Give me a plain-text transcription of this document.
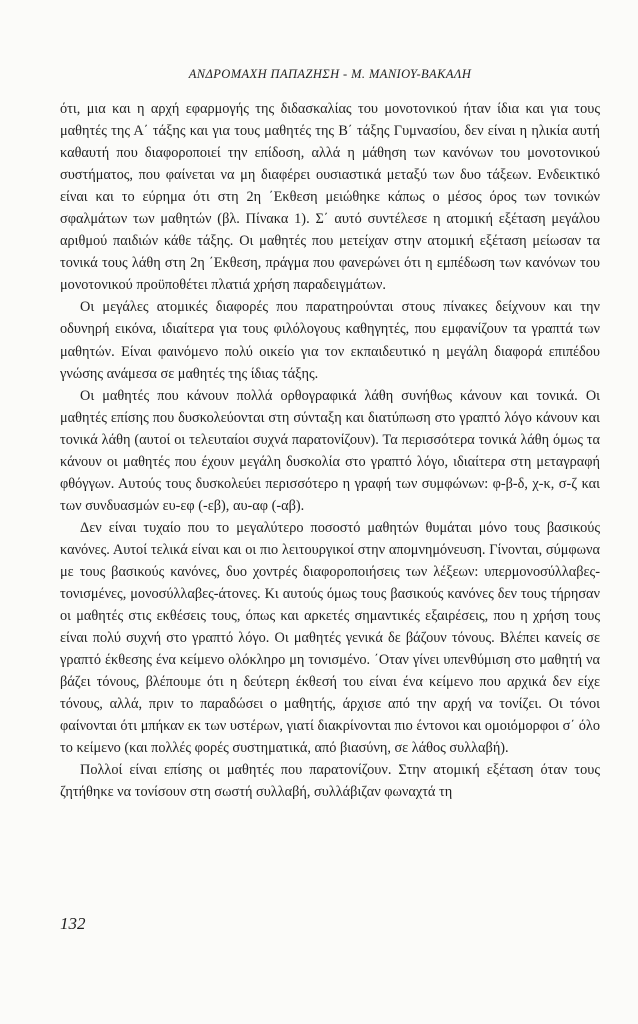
ΑΝΔΡΟΜΑΧΗ ΠΑΠΑΖΗΣΗ - Μ. ΜΑΝΙΟΥ-ΒΑΚΑΛΗ

ότι, μια και η αρχή εφαρμογής της διδασκαλίας του μονοτονικού ήταν ίδια και για τους μαθητές της Α΄ τάξης και για τους μαθητές της Β΄ τάξης Γυμνασίου, δεν είναι η ηλικία αυτή καθαυτή που διαφοροποιεί την επίδοση, αλλά η μάθηση των κανόνων του μονοτονικού συστήματος, που φαίνεται να μη διαφέρει ουσιαστικά μεταξύ των δυο τάξεων. Ενδεικτικό είναι και το εύρημα ότι στη 2η ΄Εκθεση μειώθηκε κάπως ο μέσος όρος των τονικών σφαλμάτων των μαθητών (βλ. Πίνακα 1). Σ΄ αυτό συντέλεσε η ατομική εξέταση μεγάλου αριθμού παιδιών κάθε τάξης. Οι μαθητές που μετείχαν στην ατομική εξέταση μείωσαν τα τονικά τους λάθη στη 2η ΄Εκθεση, πράγμα που φανερώνει ότι η εμπέδωση των κανόνων του μονοτονικού προϋποθέτει πλατιά χρήση παραδειγμάτων.

Οι μεγάλες ατομικές διαφορές που παρατηρούνται στους πίνακες δείχνουν και την οδυνηρή εικόνα, ιδιαίτερα για τους φιλόλογους καθηγητές, που εμφανίζουν τα γραπτά των μαθητών. Είναι φαινόμενο πολύ οικείο για τον εκπαιδευτικό η μεγάλη διαφορά επιπέδου γνώσης ανάμεσα σε μαθητές της ίδιας τάξης.

Οι μαθητές που κάνουν πολλά ορθογραφικά λάθη συνήθως κάνουν και τονικά. Οι μαθητές επίσης που δυσκολεύονται στη σύνταξη και διατύπωση στο γραπτό λόγο κάνουν και τονικά λάθη (αυτοί οι τελευταίοι συχνά παρατονίζουν). Τα περισσότερα τονικά λάθη όμως τα κάνουν οι μαθητές που έχουν μεγάλη δυσκολία στο γραπτό λόγο, ιδιαίτερα στη μεταγραφή φθόγγων. Αυτούς τους δυσκολεύει περισσότερο η γραφή των συμφώνων: φ-β-δ, χ-κ, σ-ζ και των συνδυασμών ευ-εφ (-εβ), αυ-αφ (-αβ).

Δεν είναι τυχαίο που το μεγαλύτερο ποσοστό μαθητών θυμάται μόνο τους βασικούς κανόνες. Αυτοί τελικά είναι και οι πιο λειτουργικοί στην απομνημόνευση. Γίνονται, σύμφωνα με τους βασικούς κανόνες, δυο χοντρές διαφοροποιήσεις των λέξεων: υπερμονοσύλλαβες-τονισμένες, μονοσύλλαβες-άτονες. Κι αυτούς όμως τους βασικούς κανόνες δεν τους τήρησαν οι μαθητές στις εκθέσεις τους, όπως και αρκετές σημαντικές εξαιρέσεις, που η χρήση τους είναι πολύ συχνή στο γραπτό λόγο. Οι μαθητές γενικά δε βάζουν τόνους. Βλέπει κανείς σε γραπτό έκθεσης ένα κείμενο ολόκληρο μη τονισμένο. ΄Οταν γίνει υπενθύμιση στο μαθητή να βάζει τόνους, βλέπουμε ότι η δεύτερη έκθεσή του είναι ένα κείμενο που αρχικά δεν είχε τόνους, αλλά, πριν το παραδώσει ο μαθητής, άρχισε από την αρχή να τονίζει. Οι τόνοι φαίνονται ότι μπήκαν εκ των υστέρων, γιατί διακρίνονται πιο έντονοι και ομοιόμορφοι σ΄ όλο το κείμενο (και πολλές φορές συστηματικά, από βιασύνη, σε λάθος συλλαβή).

Πολλοί είναι επίσης οι μαθητές που παρατονίζουν. Στην ατομική εξέταση όταν τους ζητήθηκε να τονίσουν στη σωστή συλλαβή, συλλάβιζαν φωναχτά τη

132
